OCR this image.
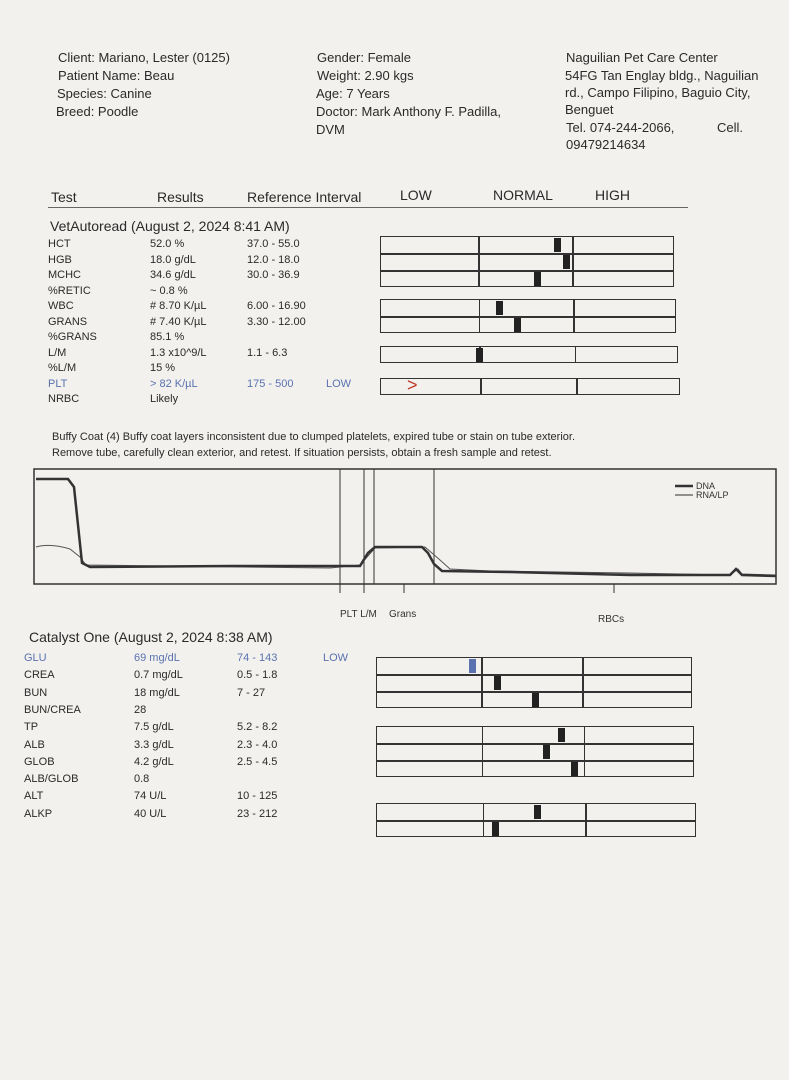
Client: Mariano, Lester (0125)
Patient Name: Beau
Species: Canine
Breed: Poodle
Gender: Female
Weight: 2.90 kgs
Age: 7 Years
Doctor: Mark Anthony F. Padilla,
DVM
Naguilian Pet Care Center
54FG Tan Englay bldg., Naguilian
rd., Campo Filipino, Baguio City,
Benguet
Tel. 074-244-2066,	Cell.
09479214634
Test	Results	Reference Interval	LOW	NORMAL	HIGH
VetAutoread (August 2, 2024 8:41 AM)
HCT	52.0 %	37.0 - 55.0
HGB	18.0 g/dL	12.0 - 18.0
MCHC	34.6 g/dL	30.0 - 36.9
%RETIC	~ 0.8 %
WBC	# 8.70 K/µL	6.00 - 16.90
GRANS	# 7.40 K/µL	3.30 - 12.00
%GRANS	85.1 %
L/M	1.3 x10^9/L	1.1 - 6.3
%L/M	15 %
PLT	> 82 K/µL	175 - 500	LOW
NRBC	Likely
>
Buffy Coat (4) Buffy coat layers inconsistent due to clumped platelets, expired tube or stain on tube exterior.
Remove tube, carefully clean exterior, and retest. If situation persists, obtain a fresh sample and retest.
DNA
RNA/LP
PLT L/M Grans	RBCs
Catalyst One (August 2, 2024 8:38 AM)
GLU	69 mg/dL	74 - 143	LOW
CREA	0.7 mg/dL	0.5 - 1.8
BUN	18 mg/dL	7 - 27
BUN/CREA	28
TP	7.5 g/dL	5.2 - 8.2
ALB	3.3 g/dL	2.3 - 4.0
GLOB	4.2 g/dL	2.5 - 4.5
ALB/GLOB	0.8
ALT	74 U/L	10 - 125
ALKP	40 U/L	23 - 212
